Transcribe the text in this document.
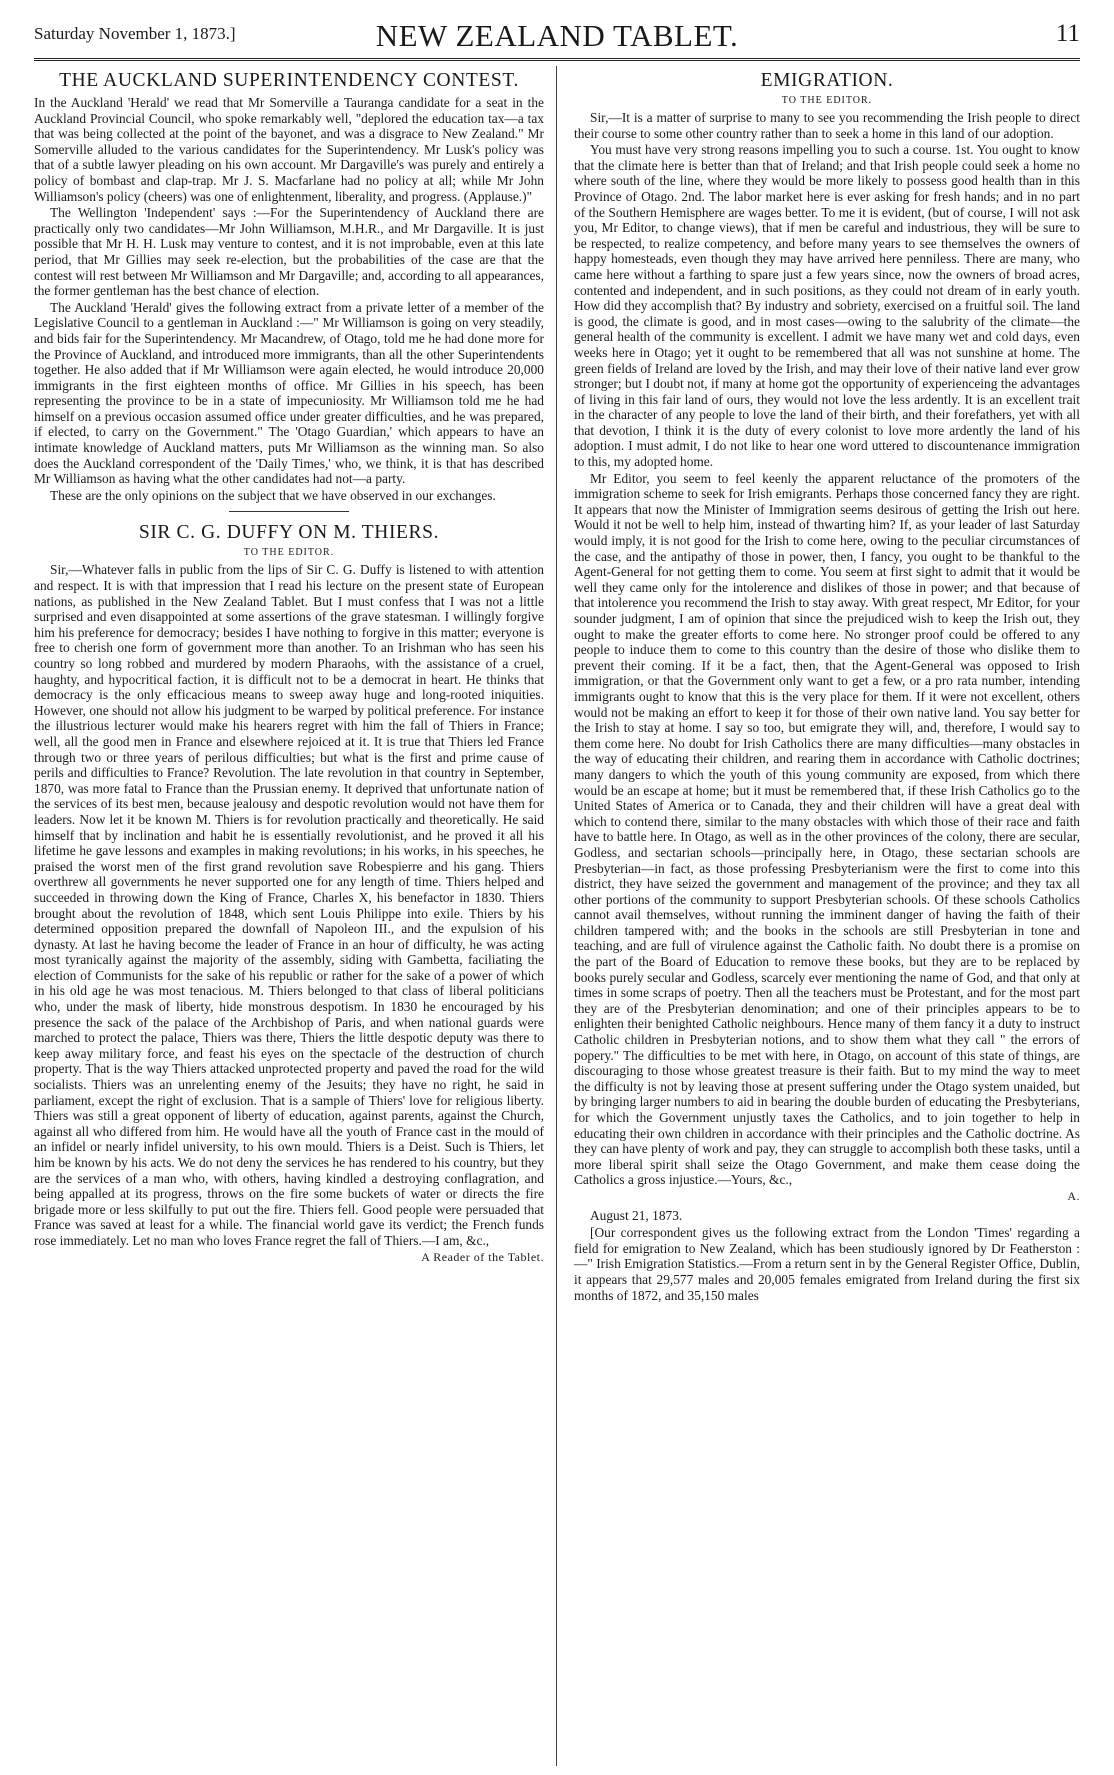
Saturday November 1, 1873.]	NEW ZEALAND TABLET.	11
THE AUCKLAND SUPERINTENDENCY CONTEST.

In the Auckland 'Herald' we read that Mr Somerville a Tauranga candidate for a seat in the Auckland Provincial Council, who spoke remarkably well, "deplored the education tax—a tax that was being collected at the point of the bayonet, and was a disgrace to New Zealand." Mr Somerville alluded to the various candidates for the Superintendency. Mr Lusk's policy was that of a subtle lawyer pleading on his own account. Mr Dargaville's was purely and entirely a policy of bombast and clap-trap. Mr J. S. Macfarlane had no policy at all; while Mr John Williamson's policy (cheers) was one of enlightenment, liberality, and progress. (Applause.)"

The Wellington 'Independent' says :—For the Superintendency of Auckland there are practically only two candidates—Mr John Williamson, M.H.R., and Mr Dargaville. It is just possible that Mr H. H. Lusk may venture to contest, and it is not improbable, even at this late period, that Mr Gillies may seek re-election, but the probabilities of the case are that the contest will rest between Mr Williamson and Mr Dargaville; and, according to all appearances, the former gentleman has the best chance of election.

The Auckland 'Herald' gives the following extract from a private letter of a member of the Legislative Council to a gentleman in Auckland :—" Mr Williamson is going on very steadily, and bids fair for the Superintendency. Mr Macandrew, of Otago, told me he had done more for the Province of Auckland, and introduced more immigrants, than all the other Superintendents together. He also added that if Mr Williamson were again elected, he would introduce 20,000 immigrants in the first eighteen months of office. Mr Gillies in his speech, has been representing the province to be in a state of impecuniosity. Mr Williamson told me he had himself on a previous occasion assumed office under greater difficulties, and he was prepared, if elected, to carry on the Government." The 'Otago Guardian,' which appears to have an intimate knowledge of Auckland matters, puts Mr Williamson as the winning man. So also does the Auckland correspondent of the 'Daily Times,' who, we think, it is that has described Mr Williamson as having what the other candidates had not—a party.

These are the only opinions on the subject that we have observed in our exchanges.

SIR C. G. DUFFY ON M. THIERS.
TO THE EDITOR.

Sir,—Whatever falls in public from the lips of Sir C. G. Duffy is listened to with attention and respect. It is with that impression that I read his lecture on the present state of European nations, as published in the New Zealand Tablet. But I must confess that I was not a little surprised and even disappointed at some assertions of the grave statesman. I willingly forgive him his preference for democracy; besides I have nothing to forgive in this matter; everyone is free to cherish one form of government more than another. To an Irishman who has seen his country so long robbed and murdered by modern Pharaohs, with the assistance of a cruel, haughty, and hypocritical faction, it is difficult not to be a democrat in heart. He thinks that democracy is the only efficacious means to sweep away huge and long-rooted iniquities. However, one should not allow his judgment to be warped by political preference. For instance the illustrious lecturer would make his hearers regret with him the fall of Thiers in France; well, all the good men in France and elsewhere rejoiced at it. It is true that Thiers led France through two or three years of perilous difficulties; but what is the first and prime cause of perils and difficulties to France? Revolution. The late revolution in that country in September, 1870, was more fatal to France than the Prussian enemy. It deprived that unfortunate nation of the services of its best men, because jealousy and despotic revolution would not have them for leaders. Now let it be known M. Thiers is for revolution practically and theoretically. He said himself that by inclination and habit he is essentially revolutionist, and he proved it all his lifetime he gave lessons and examples in making revolutions; in his works, in his speeches, he praised the worst men of the first grand revolution save Robespierre and his gang. Thiers overthrew all governments he never supported one for any length of time. Thiers helped and succeeded in throwing down the King of France, Charles X, his benefactor in 1830. Thiers brought about the revolution of 1848, which sent Louis Philippe into exile. Thiers by his determined opposition prepared the downfall of Napoleon III., and the expulsion of his dynasty. At last he having become the leader of France in an hour of difficulty, he was acting most tyranically against the majority of the assembly, siding with Gambetta, faciliating the election of Communists for the sake of his republic or rather for the sake of a power of which in his old age he was most tenacious. M. Thiers belonged to that class of liberal politicians who, under the mask of liberty, hide monstrous despotism. In 1830 he encouraged by his presence the sack of the palace of the Archbishop of Paris, and when national guards were marched to protect the palace, Thiers was there, Thiers the little despotic deputy was there to keep away military force, and feast his eyes on the spectacle of the destruction of church property. That is the way Thiers attacked unprotected property and paved the road for the wild socialists. Thiers was an unrelenting enemy of the Jesuits; they have no right, he said in parliament, except the right of exclusion. That is a sample of Thiers' love for religious liberty. Thiers was still a great opponent of liberty of education, against parents, against the Church, against all who differed from him. He would have all the youth of France cast in the mould of an infidel or nearly infidel university, to his own mould. Thiers is a Deist. Such is Thiers, let him be known by his acts. We do not deny the services he has rendered to his country, but they are the services of a man who, with others, having kindled a destroying conflagration, and being appalled at its progress, throws on the fire some buckets of water or directs the fire brigade more or less skilfully to put out the fire. Thiers fell. Good people were persuaded that France was saved at least for a while. The financial world gave its verdict; the French funds rose immediately. Let no man who loves France regret the fall of Thiers.—I am, &c.,

A Reader of the Tablet.
EMIGRATION.
TO THE EDITOR.

Sir,—It is a matter of surprise to many to see you recommending the Irish people to direct their course to some other country rather than to seek a home in this land of our adoption.

You must have very strong reasons impelling you to such a course. 1st. You ought to know that the climate here is better than that of Ireland; and that Irish people could seek a home no where south of the line, where they would be more likely to possess good health than in this Province of Otago. 2nd. The labor market here is ever asking for fresh hands; and in no part of the Southern Hemisphere are wages better. To me it is evident, (but of course, I will not ask you, Mr Editor, to change views), that if men be careful and industrious, they will be sure to be respected, to realize competency, and before many years to see themselves the owners of happy homesteads, even though they may have arrived here penniless. There are many, who came here without a farthing to spare just a few years since, now the owners of broad acres, contented and independent, and in such positions, as they could not dream of in early youth. How did they accomplish that? By industry and sobriety, exercised on a fruitful soil. The land is good, the climate is good, and in most cases—owing to the salubrity of the climate—the general health of the community is excellent. I admit we have many wet and cold days, even weeks here in Otago; yet it ought to be remembered that all was not sunshine at home. The green fields of Ireland are loved by the Irish, and may their love of their native land ever grow stronger; but I doubt not, if many at home got the opportunity of experienceing the advantages of living in this fair land of ours, they would not love the less ardently. It is an excellent trait in the character of any people to love the land of their birth, and their forefathers, yet with all that devotion, I think it is the duty of every colonist to love more ardently the land of his adoption. I must admit, I do not like to hear one word uttered to discountenance immigration to this, my adopted home.

Mr Editor, you seem to feel keenly the apparent reluctance of the promoters of the immigration scheme to seek for Irish emigrants. Perhaps those concerned fancy they are right. It appears that now the Minister of Immigration seems desirous of getting the Irish out here. Would it not be well to help him, instead of thwarting him? If, as your leader of last Saturday would imply, it is not good for the Irish to come here, owing to the peculiar circumstances of the case, and the antipathy of those in power, then, I fancy, you ought to be thankful to the Agent-General for not getting them to come. You seem at first sight to admit that it would be well they came only for the intolerence and dislikes of those in power; and that because of that intolerence you recommend the Irish to stay away. With great respect, Mr Editor, for your sounder judgment, I am of opinion that since the prejudiced wish to keep the Irish out, they ought to make the greater efforts to come here. No stronger proof could be offered to any people to induce them to come to this country than the desire of those who dislike them to prevent their coming. If it be a fact, then, that the Agent-General was opposed to Irish immigration, or that the Government only want to get a few, or a pro rata number, intending immigrants ought to know that this is the very place for them. If it were not excellent, others would not be making an effort to keep it for those of their own native land. You say better for the Irish to stay at home. I say so too, but emigrate they will, and, therefore, I would say to them come here. No doubt for Irish Catholics there are many difficulties—many obstacles in the way of educating their children, and rearing them in accordance with Catholic doctrines; many dangers to which the youth of this young community are exposed, from which there would be an escape at home; but it must be remembered that, if these Irish Catholics go to the United States of America or to Canada, they and their children will have a great deal with which to contend there, similar to the many obstacles with which those of their race and faith have to battle here. In Otago, as well as in the other provinces of the colony, there are secular, Godless, and sectarian schools—principally here, in Otago, these sectarian schools are Presbyterian—in fact, as those professing Presbyterianism were the first to come into this district, they have seized the government and management of the province; and they tax all other portions of the community to support Presbyterian schools. Of these schools Catholics cannot avail themselves, without running the imminent danger of having the faith of their children tampered with; and the books in the schools are still Presbyterian in tone and teaching, and are full of virulence against the Catholic faith. No doubt there is a promise on the part of the Board of Education to remove these books, but they are to be replaced by books purely secular and Godless, scarcely ever mentioning the name of God, and that only at times in some scraps of poetry. Then all the teachers must be Protestant, and for the most part they are of the Presbyterian denomination; and one of their principles appears to be to enlighten their benighted Catholic neighbours. Hence many of them fancy it a duty to instruct Catholic children in Presbyterian notions, and to show them what they call " the errors of popery." The difficulties to be met with here, in Otago, on account of this state of things, are discouraging to those whose greatest treasure is their faith. But to my mind the way to meet the difficulty is not by leaving those at present suffering under the Otago system unaided, but by bringing larger numbers to aid in bearing the double burden of educating the Presbyterians, for which the Government unjustly taxes the Catholics, and to join together to help in educating their own children in accordance with their principles and the Catholic doctrine. As they can have plenty of work and pay, they can struggle to accomplish both these tasks, until a more liberal spirit shall seize the Otago Government, and make them cease doing the Catholics a gross injustice.—Yours, &c.,

A.
August 21, 1873.

[Our correspondent gives us the following extract from the London 'Times' regarding a field for emigration to New Zealand, which has been studiously ignored by Dr Featherston :—" Irish Emigration Statistics.—From a return sent in by the General Register Office, Dublin, it appears that 29,577 males and 20,005 females emigrated from Ireland during the first six months of 1872, and 35,150 males
